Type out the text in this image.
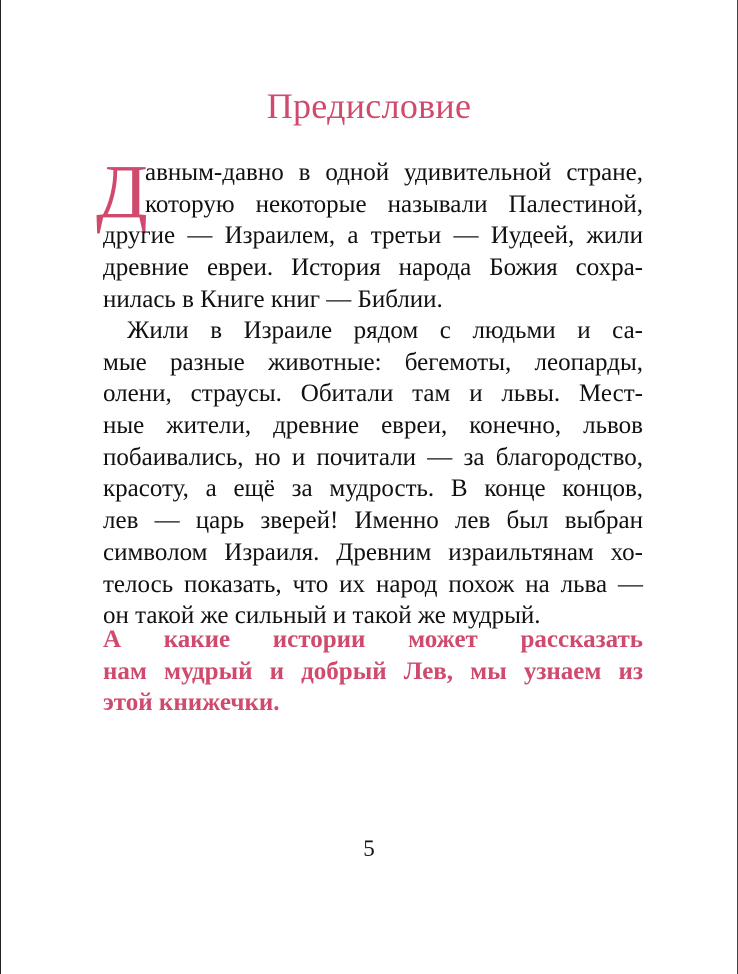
Предисловие
Д
авным-давно в одной удивительной стране,
которую некоторые называли Палестиной,
другие — Израилем, а третьи — Иудеей, жили
древние евреи. История народа Божия сохра-
нилась в Книге книг — Библии.
Жили в Израиле рядом с людьми и са-
мые разные животные: бегемоты, леопарды,
олени, страусы. Обитали там и львы. Мест-
ные жители, древние евреи, конечно, львов
побаивались, но и почитали — за благородство,
красоту, а ещё за мудрость. В конце концов,
лев — царь зверей! Именно лев был выбран
символом Израиля. Древним израильтянам хо-
телось показать, что их народ похож на льва —
он такой же сильный и такой же мудрый.
А какие истории может рассказать
нам мудрый и добрый Лев, мы узнаем из
этой книжечки.
5
